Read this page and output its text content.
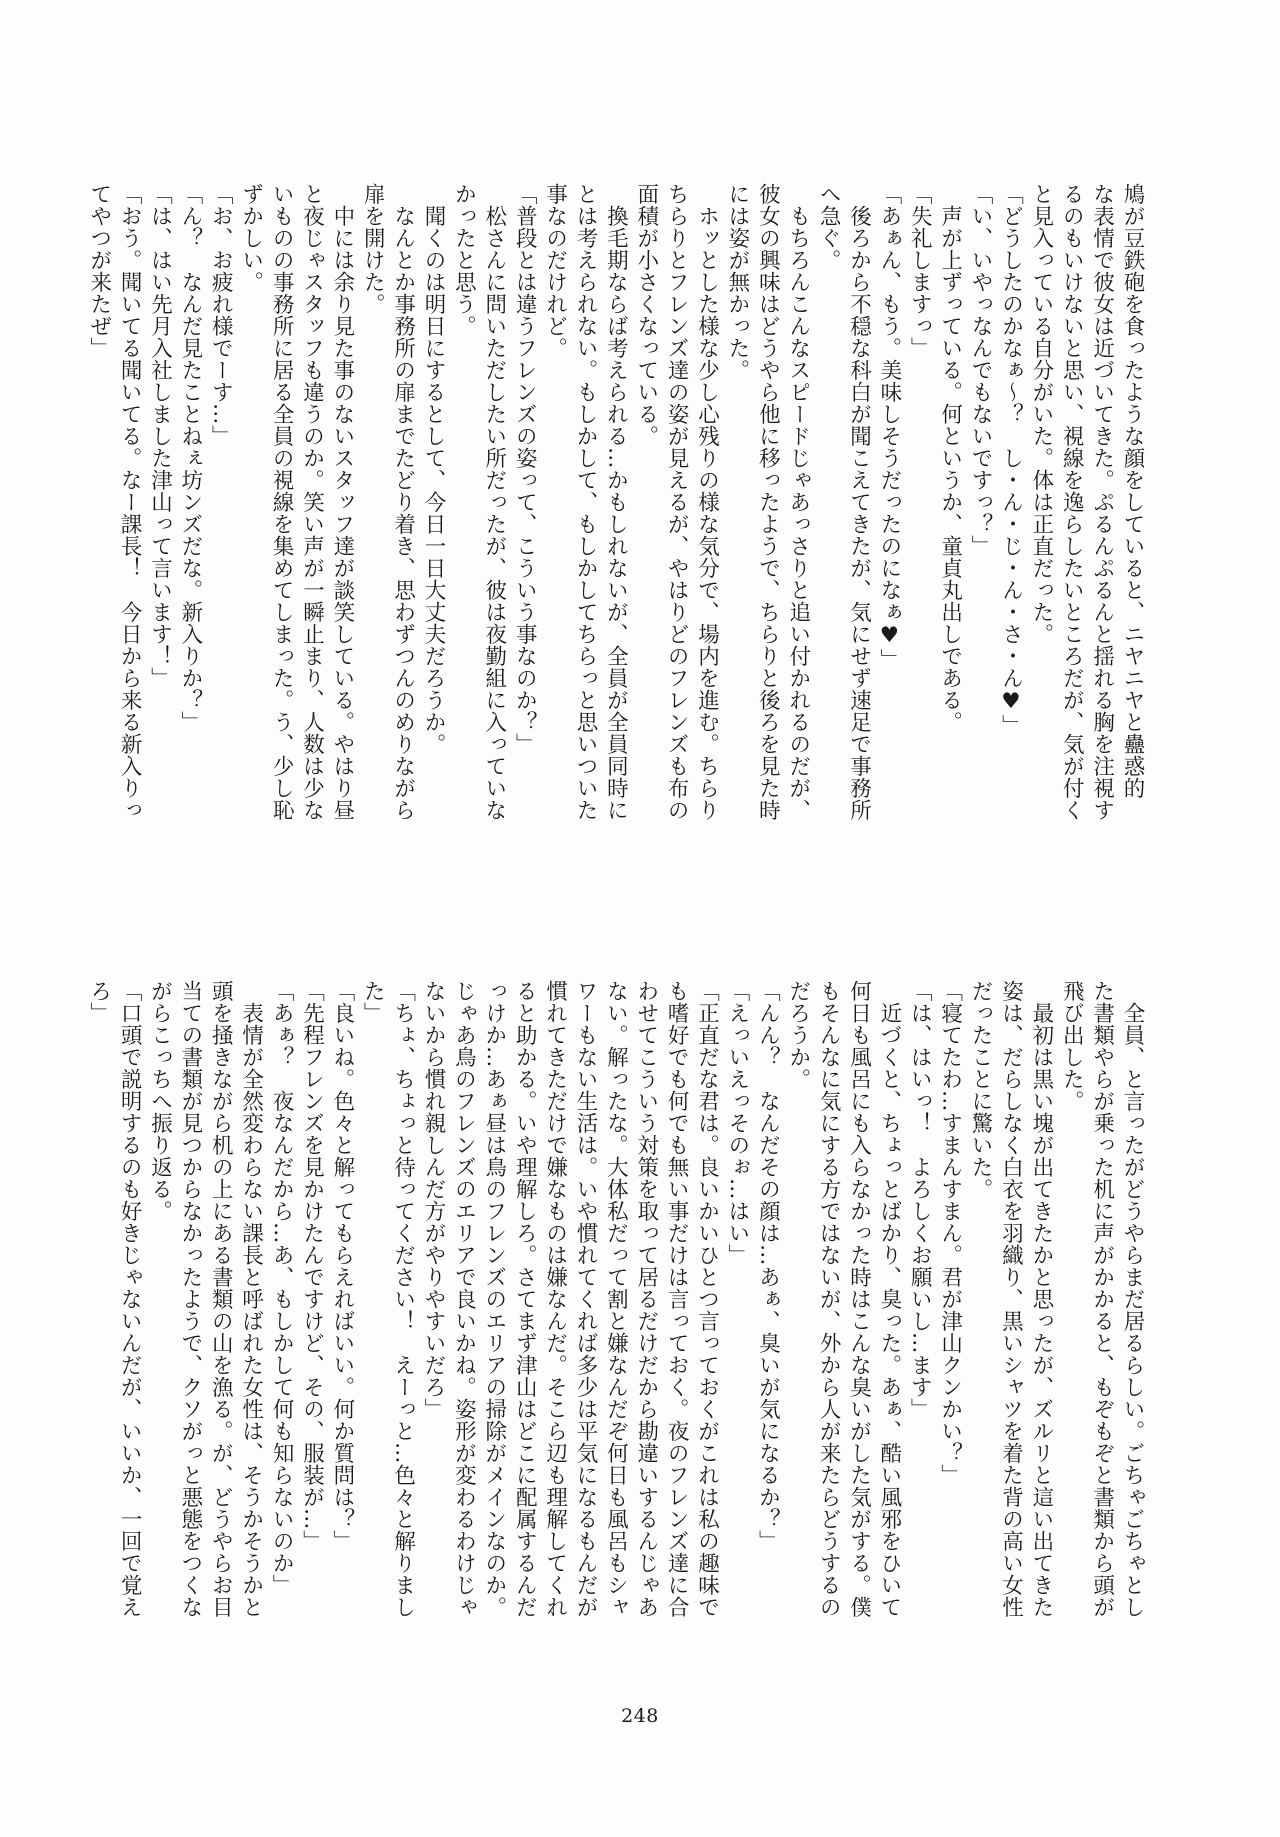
鳩が豆鉄砲を食ったような顔をしていると、ニヤニヤと蠱惑的
な表情で彼女は近づいてきた。ぷるんぷるんと揺れる胸を注視す
るのもいけないと思い、視線を逸らしたいところだが、気が付く
と見入っている自分がいた。体は正直だった。
「どうしたのかなぁ～？　し・ん・じ・ん・さ・ん♥」
「い、いやっなんでもないですっ？」
　声が上ずっている。何というか、童貞丸出しである。
「失礼しますっ」
「あぁん、もう。美味しそうだったのになぁ♥」
　後ろから不穏な科白が聞こえてきたが、気にせず速足で事務所
へ急ぐ。
　もちろんこんなスピードじゃあっさりと追い付かれるのだが、
彼女の興味はどうやら他に移ったようで、ちらりと後ろを見た時
には姿が無かった。
　ホッとした様な少し心残りの様な気分で、場内を進む。ちらり
ちらりとフレンズ達の姿が見えるが、やはりどのフレンズも布の
面積が小さくなっている。
　換毛期ならば考えられる…かもしれないが、全員が全員同時に
とは考えられない。もしかして、もしかしてちらっと思いついた
事なのだけれど。
「普段とは違うフレンズの姿って、こういう事なのか？」
　松さんに問いただしたい所だったが、彼は夜勤組に入っていな
かったと思う。
　聞くのは明日にするとして、今日一日大丈夫だろうか。
　なんとか事務所の扉までたどり着き、思わずつんのめりながら
扉を開けた。
　中には余り見た事のないスタッフ達が談笑している。やはり昼
と夜じゃスタッフも違うのか。笑い声が一瞬止まり、人数は少な
いものの事務所に居る全員の視線を集めてしまった。う、少し恥
ずかしい。
「お、お疲れ様でーす…」
「ん？　なんだ見たことねぇ坊ンズだな。新入りか？」
「は、はい先月入社しました津山って言います！」
「おう。聞いてる聞いてる。なー課長！　今日から来る新入りっ
てやつが来たぜ」
　全員、と言ったがどうやらまだ居るらしい。ごちゃごちゃとし
た書類やらが乗った机に声がかかると、もぞもぞと書類から頭が
飛び出した。
　最初は黒い塊が出てきたかと思ったが、ズルリと這い出てきた
姿は、だらしなく白衣を羽織り、黒いシャツを着た背の高い女性
だったことに驚いた。
「寝てたわ…すまんすまん。君が津山クンかい？」
「は、はいっ！　よろしくお願いし…ます」
　近づくと、ちょっとばかり、臭った。あぁ、酷い風邪をひいて
何日も風呂にも入らなかった時はこんな臭いがした気がする。僕
もそんなに気にする方ではないが、外から人が来たらどうするの
だろうか。
「んん？　なんだその顔は…あぁ、臭いが気になるか？」
「えっいえっそのぉ…はい」
「正直だな君は。良いかいひとつ言っておくがこれは私の趣味で
も嗜好でも何でも無い事だけは言っておく。夜のフレンズ達に合
わせてこういう対策を取って居るだけだから勘違いするんじゃあ
ない。解ったな。大体私だって割と嫌なんだぞ何日も風呂もシャ
ワーもない生活は。いや慣れてくれば多少は平気になるもんだが
慣れてきただけで嫌なものは嫌なんだ。そこら辺も理解してくれ
ると助かる。いや理解しろ。さてまず津山はどこに配属するんだ
っけか…あぁ昼は鳥のフレンズのエリアの掃除がメインなのか。
じゃあ鳥のフレンズのエリアで良いかね。姿形が変わるわけじゃ
ないから慣れ親しんだ方がやりやすいだろ」
「ちょ、ちょっと待ってください！　えーっと…色々と解りまし
た」
「良いね。色々と解ってもらえればいい。何か質問は？」
「先程フレンズを見かけたんですけど、その、服装が…」
「あぁ？　夜なんだから…あ、もしかして何も知らないのか」
　表情が全然変わらない課長と呼ばれた女性は、そうかそうかと
頭を掻きながら机の上にある書類の山を漁る。が、どうやらお目
当ての書類が見つからなかったようで、クソがっと悪態をつくな
がらこっちへ振り返る。
「口頭で説明するのも好きじゃないんだが、いいか、一回で覚え
ろ」
248
